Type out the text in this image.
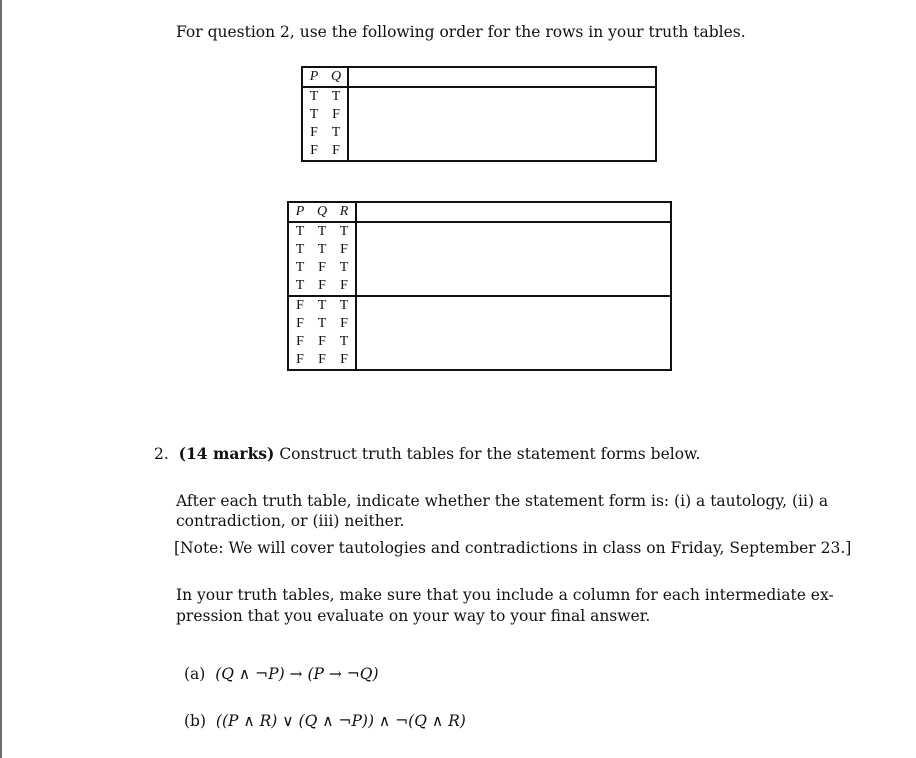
For question 2, use the following order for the rows in your truth tables.
P	Q	
T	T	
T	F	
F	T	
F	F	
P	Q	R	
T	T	T	
T	T	F	
T	F	T	
T	F	F	
F	T	T	
F	T	F	
F	F	T	
F	F	F	
2. (14 marks) Construct truth tables for the statement forms below.
After each truth table, indicate whether the statement form is: (i) a tautology, (ii) a
contradiction, or (iii) neither.
[Note: We will cover tautologies and contradictions in class on Friday, September 23.]
In your truth tables, make sure that you include a column for each intermediate ex-
pression that you evaluate on your way to your final answer.
(a) (Q ∧ ¬P) → (P → ¬Q)
(b) ((P ∧ R) ∨ (Q ∧ ¬P)) ∧ ¬(Q ∧ R)
